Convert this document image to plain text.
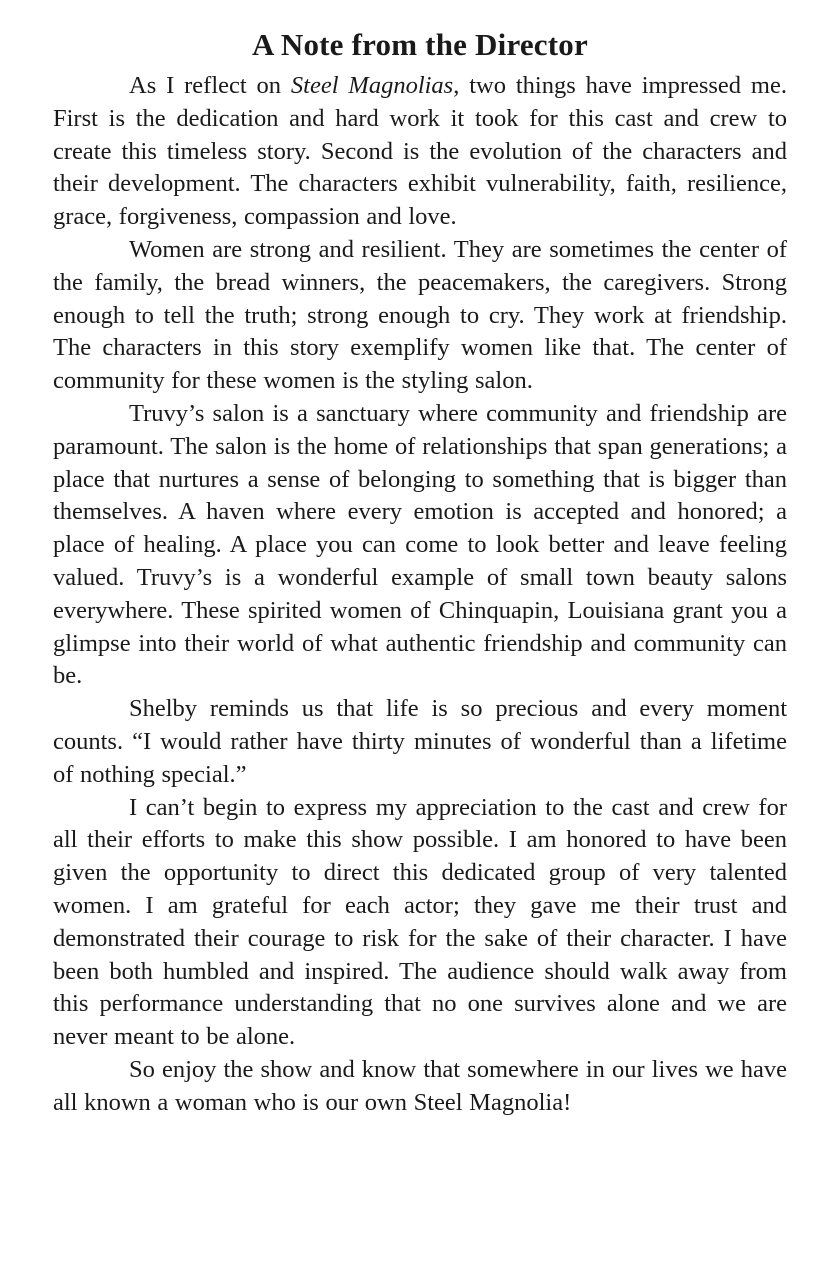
A Note from the Director

As I reflect on Steel Magnolias, two things have impressed me. First is the dedication and hard work it took for this cast and crew to create this timeless story. Second is the evolution of the characters and their development. The characters exhibit vulnerability, faith, resilience, grace, forgiveness, compassion and love.

Women are strong and resilient. They are sometimes the center of the family, the bread winners, the peacemakers, the caregivers. Strong enough to tell the truth; strong enough to cry. They work at friendship. The characters in this story exemplify women like that. The center of community for these women is the styling salon.

Truvy’s salon is a sanctuary where community and friendship are paramount. The salon is the home of relationships that span generations; a place that nurtures a sense of belonging to something that is bigger than themselves. A haven where every emotion is accepted and honored; a place of healing. A place you can come to look better and leave feeling valued. Truvy’s is a wonderful example of small town beauty salons everywhere. These spirited women of Chinquapin, Louisiana grant you a glimpse into their world of what authentic friendship and community can be.

Shelby reminds us that life is so precious and every moment counts. “I would rather have thirty minutes of wonderful than a lifetime of nothing special.”

I can’t begin to express my appreciation to the cast and crew for all their efforts to make this show possible. I am honored to have been given the opportunity to direct this dedicated group of very talented women. I am grateful for each actor; they gave me their trust and demonstrated their courage to risk for the sake of their character. I have been both humbled and inspired. The audience should walk away from this performance understanding that no one survives alone and we are never meant to be alone.

So enjoy the show and know that somewhere in our lives we have all known a woman who is our own Steel Magnolia!
